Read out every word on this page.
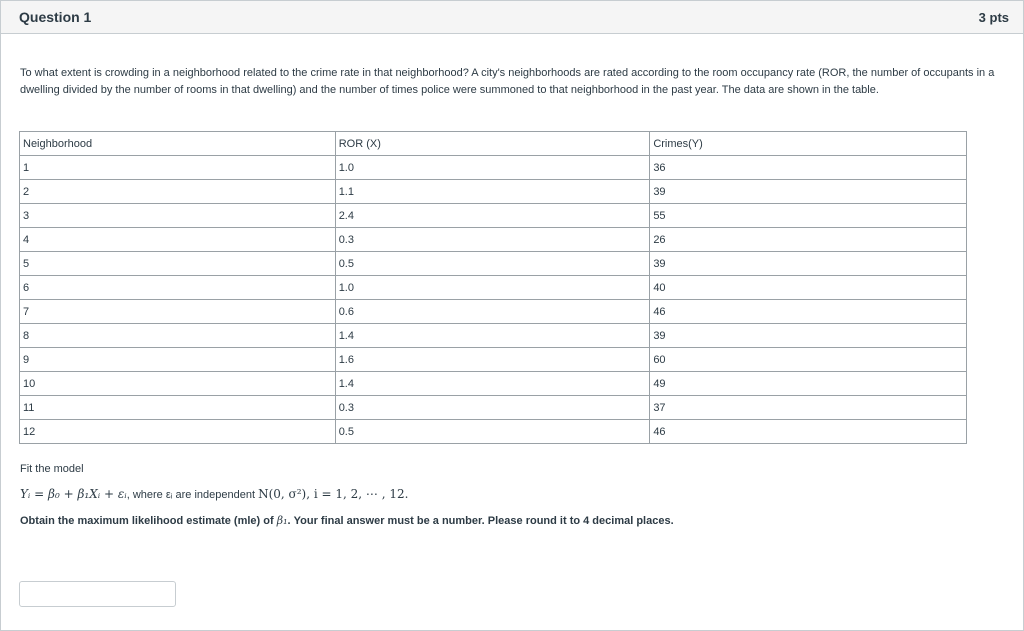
Question 1	3 pts

To what extent is crowding in a neighborhood related to the crime rate in that neighborhood? A city's neighborhoods are rated according to the room occupancy rate (ROR, the number of occupants in a dwelling divided by the number of rooms in that dwelling) and the number of times police were summoned to that neighborhood in the past year. The data are shown in the table.

Neighborhood	ROR (X)	Crimes(Y)
1	1.0	36
2	1.1	39
3	2.4	55
4	0.3	26
5	0.5	39
6	1.0	40
7	0.6	46
8	1.4	39
9	1.6	60
10	1.4	49
11	0.3	37
12	0.5	46

Fit the model

Yᵢ = β₀ + β₁Xᵢ + εᵢ, where εᵢ are independent N(0, σ²), i = 1, 2, ⋯ , 12.

Obtain the maximum likelihood estimate (mle) of β₁. Your final answer must be a number. Please round it to 4 decimal places.
